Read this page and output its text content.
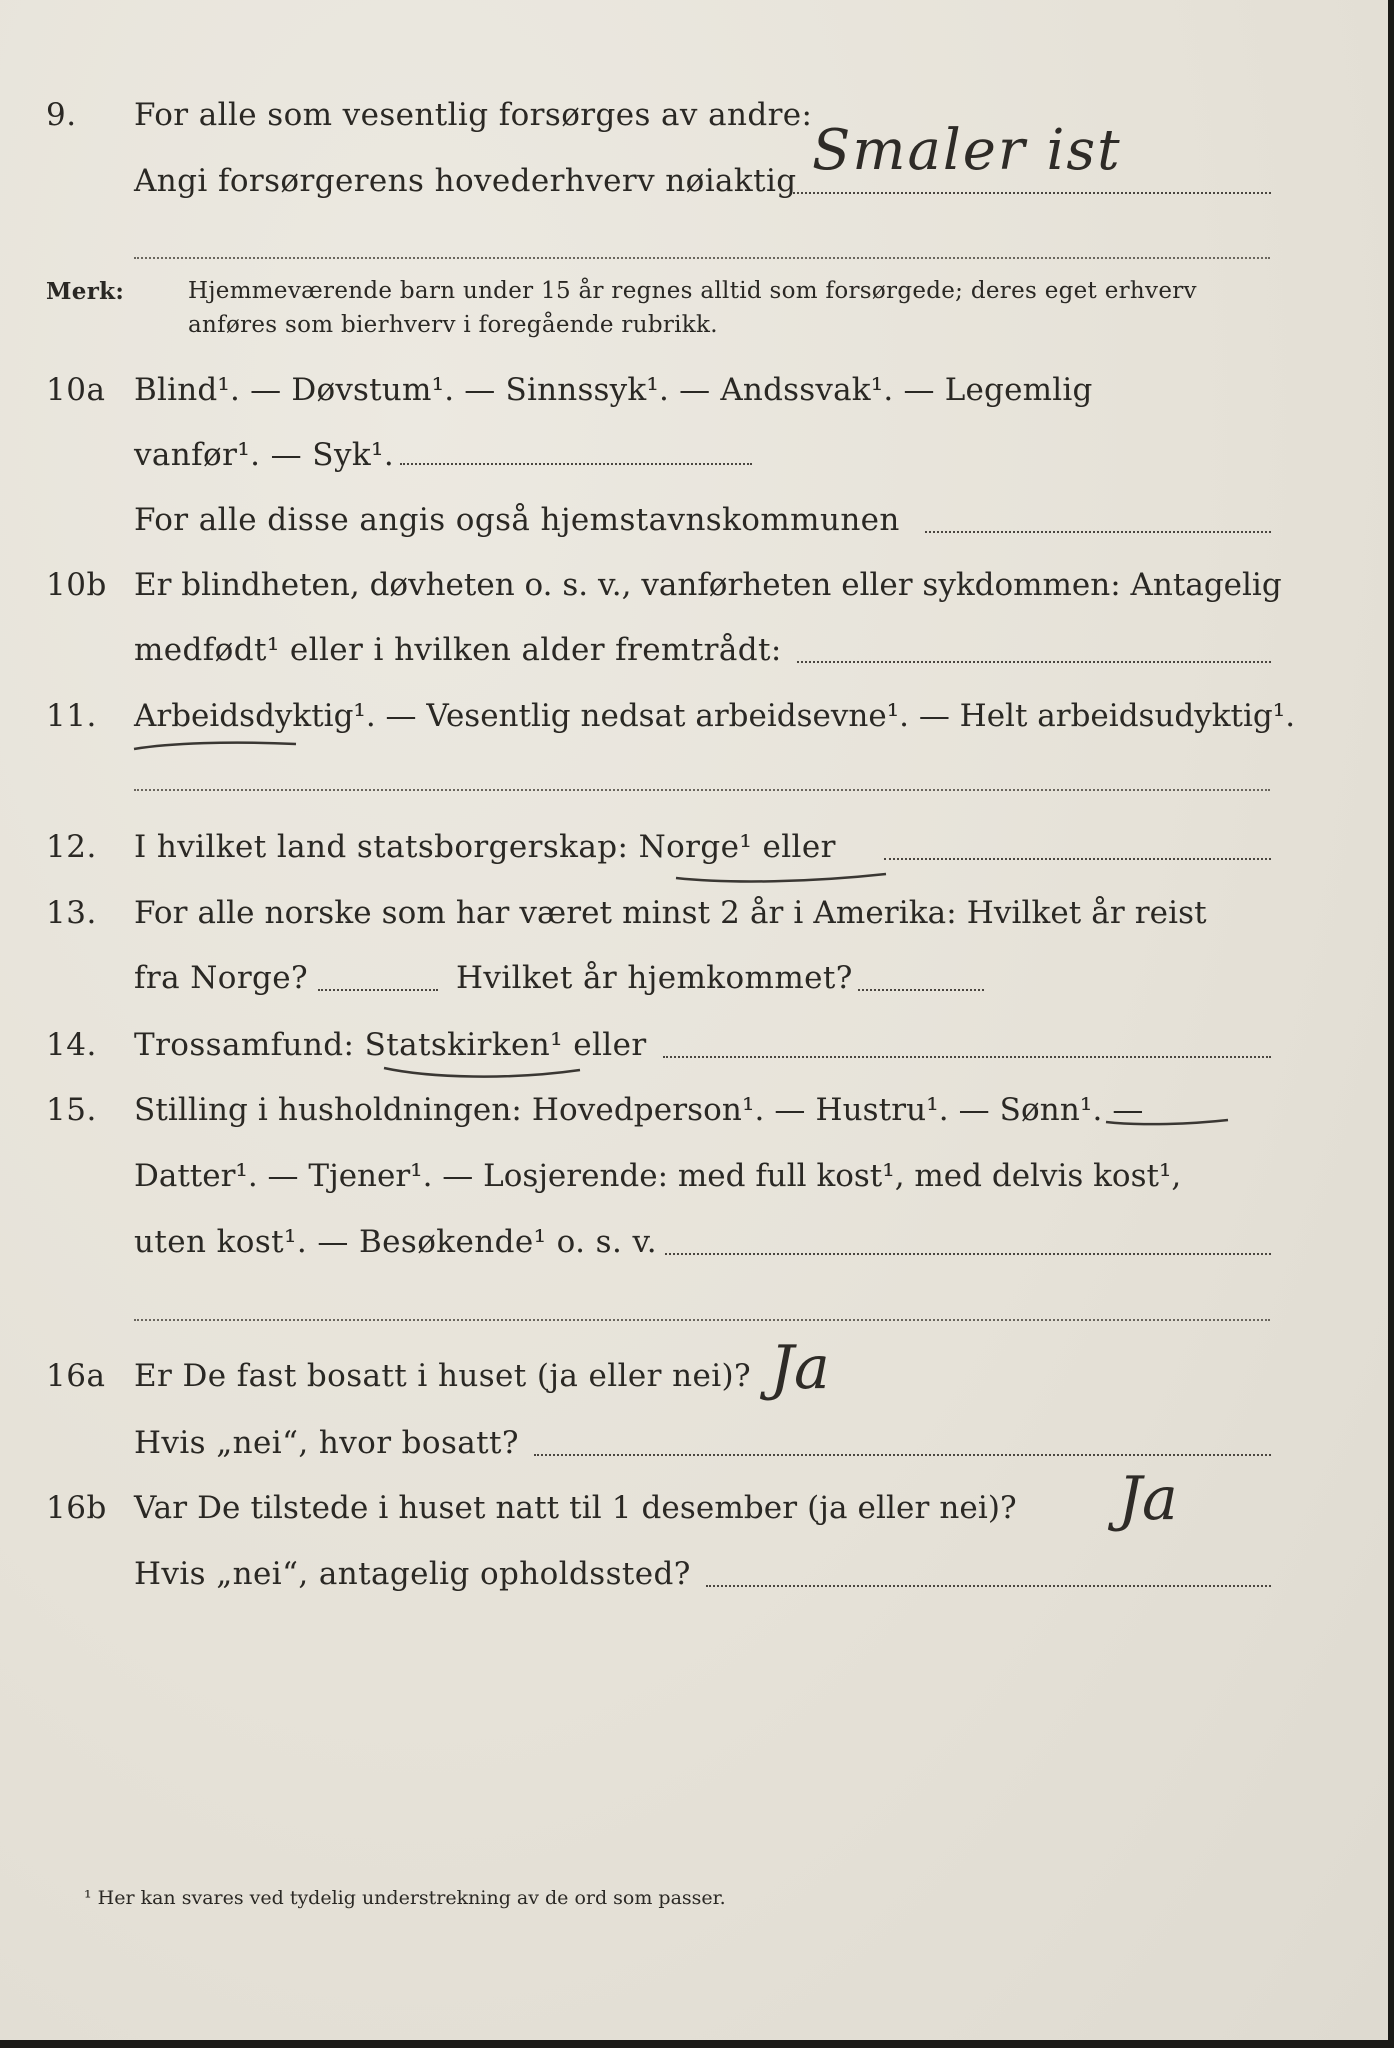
9. For alle som vesentlig forsørges av andre:
Angi forsørgerens hovederhverv nøiaktig Smaler ist
Merk:	Hjemmeværende barn under 15 år regnes alltid som forsørgede; deres eget erhverv
anføres som bierhverv i foregående rubrikk.
10a Blind¹. — Døvstum¹. — Sinnssyk¹. — Andssvak¹. — Legemlig
vanfør¹. — Syk¹.
For alle disse angis også hjemstavnskommunen
10b Er blindheten, døvheten o. s. v., vanførheten eller sykdommen: Antagelig
medfødt¹ eller i hvilken alder fremtrådt:
11. Arbeidsdyktig¹. — Vesentlig nedsat arbeidsevne¹. — Helt arbeidsudyktig¹.
12. I hvilket land statsborgerskap: Norge¹ eller
13. For alle norske som har været minst 2 år i Amerika: Hvilket år reist
fra Norge?	Hvilket år hjemkommet?
14. Trossamfund: Statskirken¹ eller
15. Stilling i husholdningen: Hovedperson¹. — Hustru¹. — Sønn¹. —
Datter¹. — Tjener¹. — Losjerende: med full kost¹, med delvis kost¹,
uten kost¹. — Besøkende¹ o. s. v.
16a Er De fast bosatt i huset (ja eller nei)? Ja
Hvis „nei“, hvor bosatt?
16b Var De tilstede i huset natt til 1 desember (ja eller nei)? Ja
Hvis „nei“, antagelig opholdssted?
¹ Her kan svares ved tydelig understrekning av de ord som passer.
